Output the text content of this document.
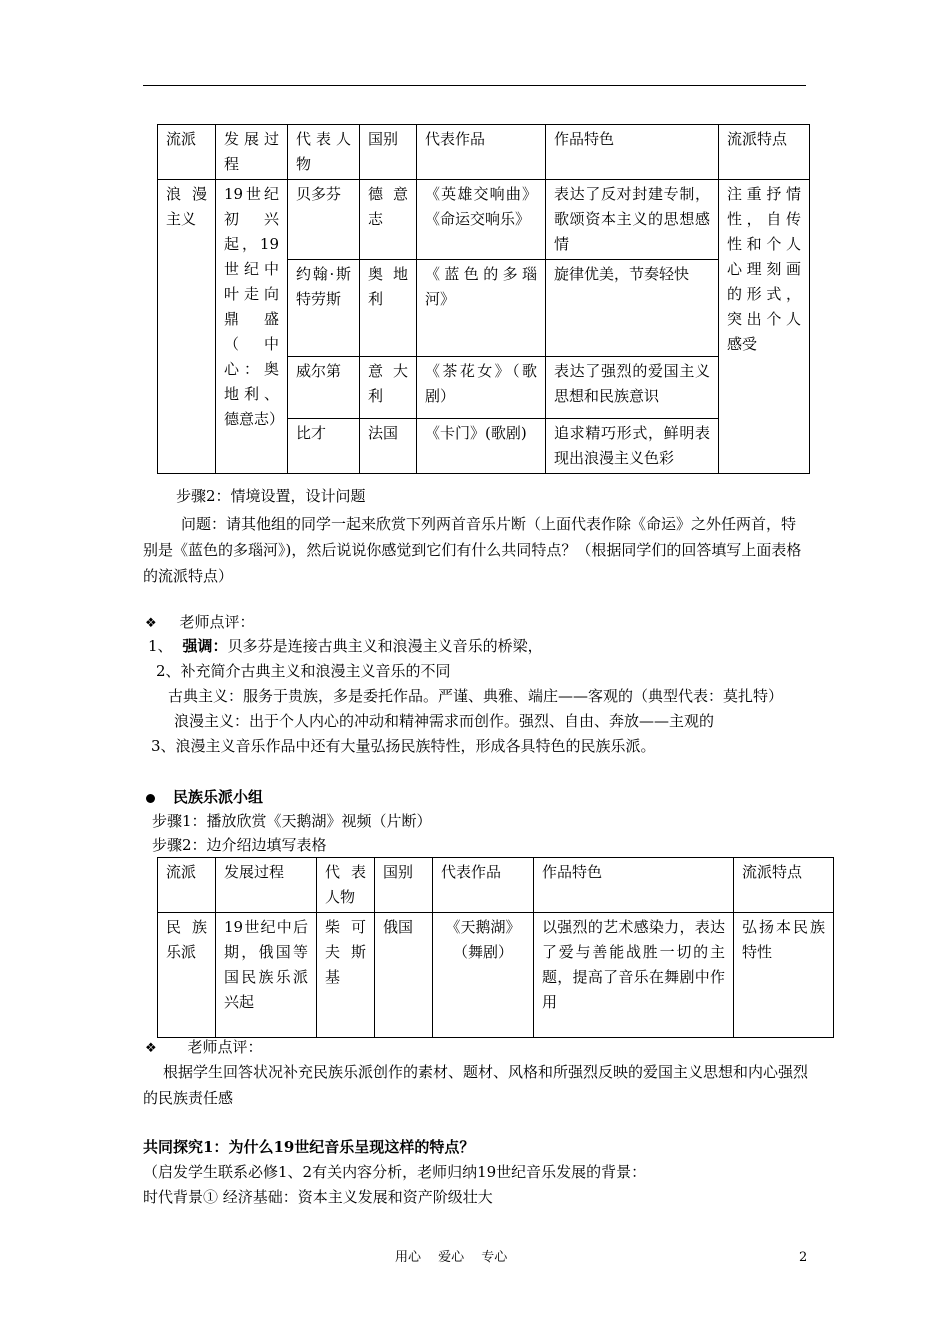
流派	发展过程	代表人物	国别	代表作品	作品特色	流派特点
浪漫主义	19世纪初兴起，19世纪中叶走向鼎盛（中心：奥地利、德意志）	贝多芬	德意志	《英雄交响曲》《命运交响乐》	表达了反对封建专制，歌颂资本主义的思想感情	注重抒情性，自传性和个人心理刻画的形式，突出个人感受
		约翰·斯特劳斯	奥地利	《蓝色的多瑙河》	旋律优美，节奏轻快	
		威尔第	意大利	《茶花女》（歌剧）	表达了强烈的爱国主义思想和民族意识	
		比才	法国	《卡门》(歌剧)	追求精巧形式，鲜明表现出浪漫主义色彩	
步骤2：情境设置，设计问题
问题：请其他组的同学一起来欣赏下列两首音乐片断（上面代表作除《命运》之外任两首，特别是《蓝色的多瑙河》)，然后说说你感觉到它们有什么共同特点？（根据同学们的回答填写上面表格的流派特点）
❖ 老师点评：
1、 强调：贝多芬是连接古典主义和浪漫主义音乐的桥梁，
2、补充简介古典主义和浪漫主义音乐的不同
古典主义：服务于贵族，多是委托作品。严谨、典雅、端庄——客观的（典型代表：莫扎特）
浪漫主义：出于个人内心的冲动和精神需求而创作。强烈、自由、奔放——主观的
3、浪漫主义音乐作品中还有大量弘扬民族特性，形成各具特色的民族乐派。
民族乐派小组
步骤1：播放欣赏《天鹅湖》视频（片断）
步骤2：边介绍边填写表格
流派	发展过程	代表人物	国别	代表作品	作品特色	流派特点
民族乐派	19世纪中后期，俄国等国民族乐派兴起	柴可夫斯基	俄国	《天鹅湖》（舞剧）	以强烈的艺术感染力，表达了爱与善能战胜一切的主题，提高了音乐在舞剧中作用	弘扬本民族特性
❖ 老师点评：
根据学生回答状况补充民族乐派创作的素材、题材、风格和所强烈反映的爱国主义思想和内心强烈的民族责任感
共同探究1：为什么19世纪音乐呈现这样的特点？
（启发学生联系必修1、2有关内容分析，老师归纳19世纪音乐发展的背景：
时代背景① 经济基础：资本主义发展和资产阶级壮大
用心　 爱心　 专心	2
